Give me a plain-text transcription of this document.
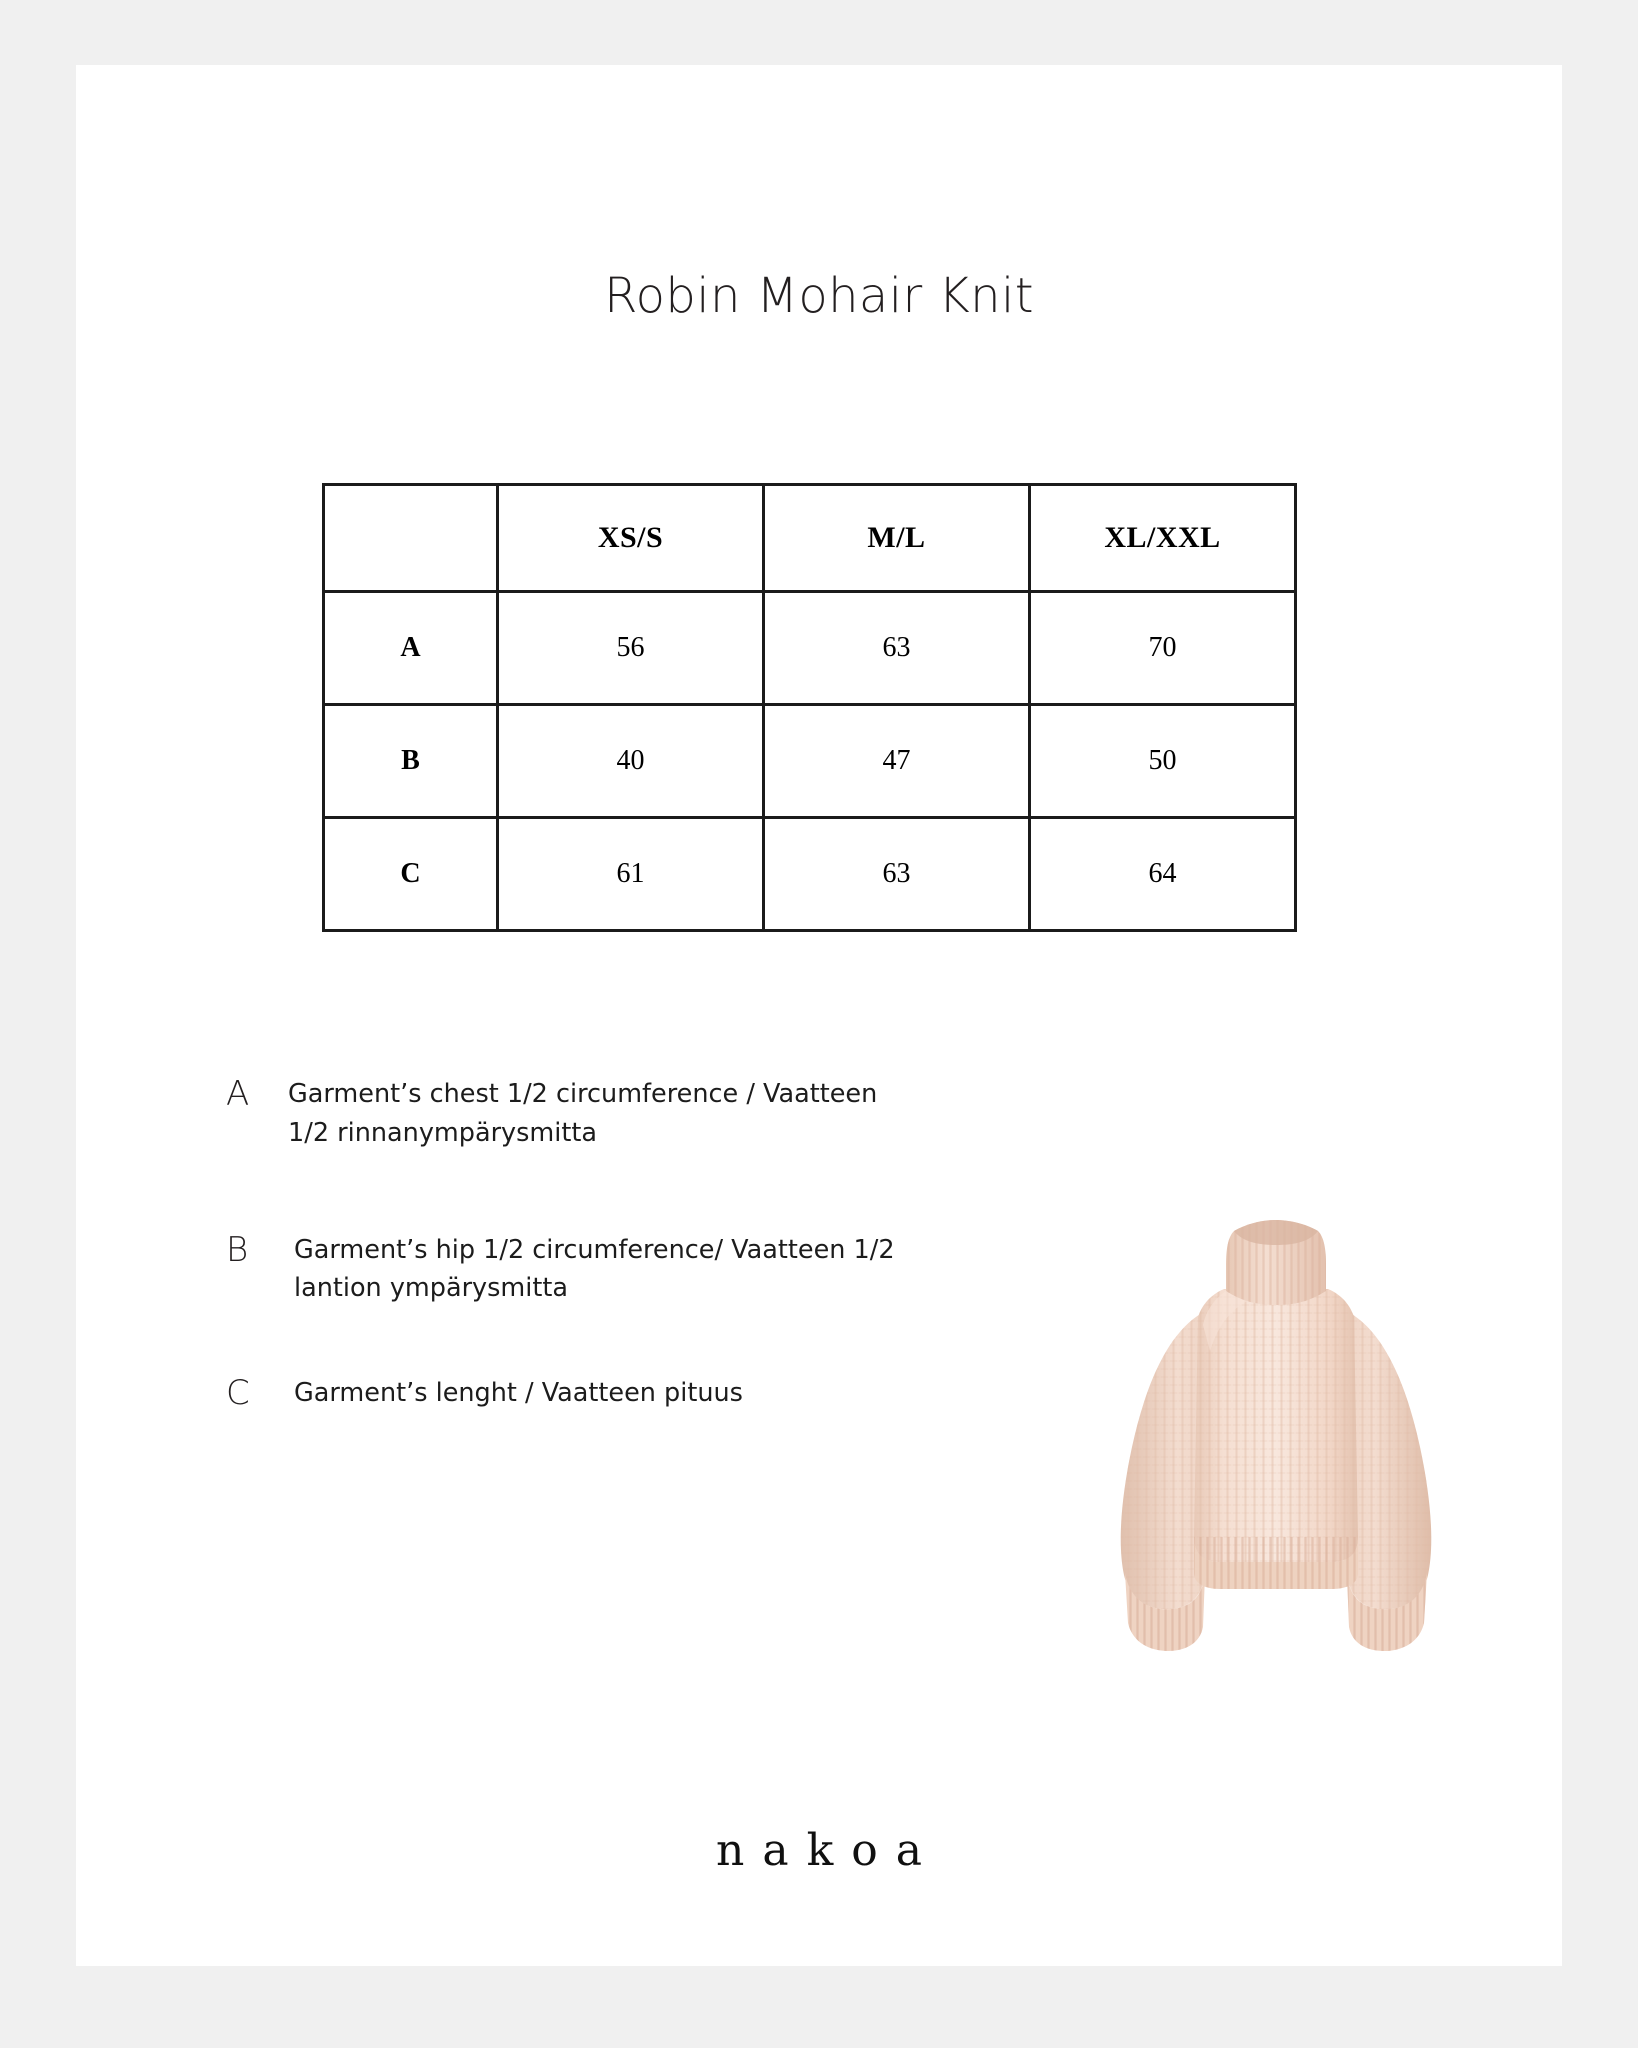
Robin Mohair Knit
	XS/S	M/L	XL/XXL
A	56	63	70
B	40	47	50
C	61	63	64
A	Garment’s chest 1/2 circumference / Vaatteen 1/2 rinnanympärysmitta
B	Garment’s hip 1/2 circumference/ Vaatteen 1/2 lantion ympärysmitta
C	Garment’s lenght / Vaatteen pituus
nakoa
